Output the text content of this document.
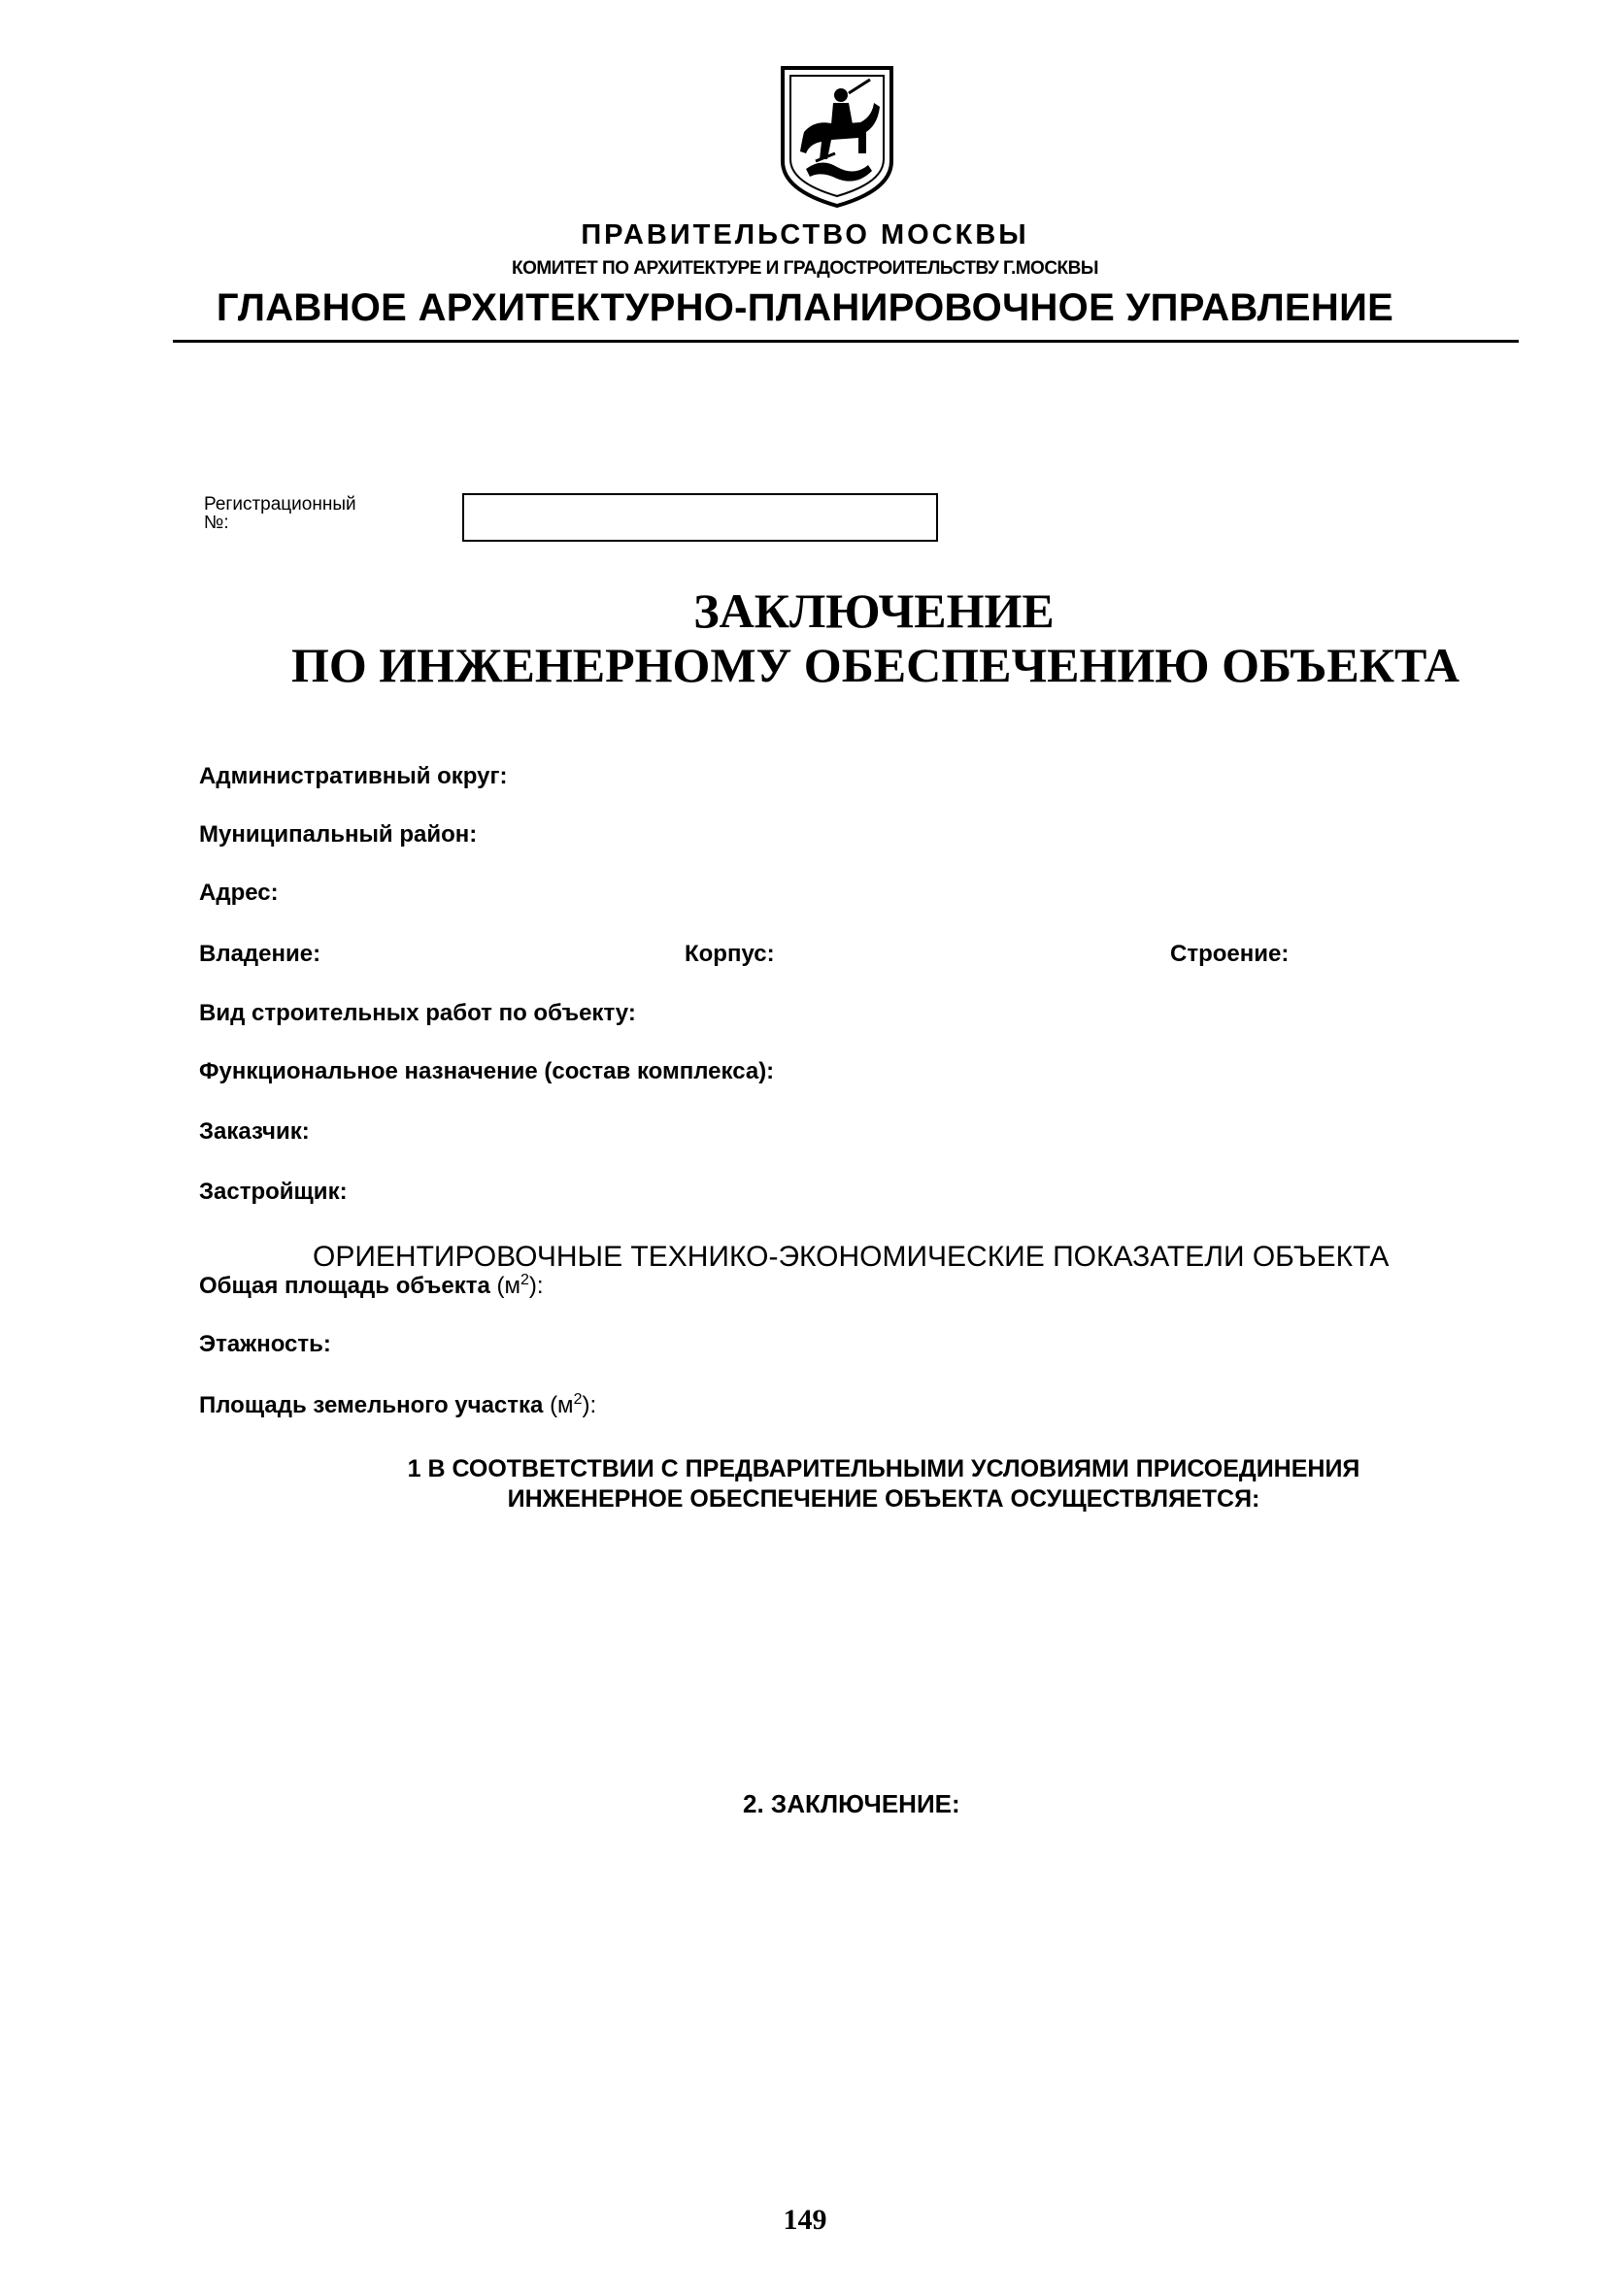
ПРАВИТЕЛЬСТВО МОСКВЫ
КОМИТЕТ ПО АРХИТЕКТУРЕ И ГРАДОСТРОИТЕЛЬСТВУ Г.МОСКВЫ
ГЛАВНОЕ АРХИТЕКТУРНО-ПЛАНИРОВОЧНОЕ УПРАВЛЕНИЕ
Регистрационный
№:
ЗАКЛЮЧЕНИЕ
ПО ИНЖЕНЕРНОМУ ОБЕСПЕЧЕНИЮ ОБЪЕКТА
Административный округ:
Муниципальный район:
Адрес:
Владение:	Корпус:	Строение:
Вид строительных работ по объекту:
Функциональное назначение (состав комплекса):
Заказчик:
Застройщик:
ОРИЕНТИРОВОЧНЫЕ ТЕХНИКО-ЭКОНОМИЧЕСКИЕ ПОКАЗАТЕЛИ ОБЪЕКТА
Общая площадь объекта $(м^2)$:
Этажность:
Площадь земельного участка $(м^2)$:
1 В СООТВЕТСТВИИ С ПРЕДВАРИТЕЛЬНЫМИ УСЛОВИЯМИ ПРИСОЕДИНЕНИЯ
ИНЖЕНЕРНОЕ ОБЕСПЕЧЕНИЕ ОБЪЕКТА ОСУЩЕСТВЛЯЕТСЯ:
2. ЗАКЛЮЧЕНИЕ:
149
